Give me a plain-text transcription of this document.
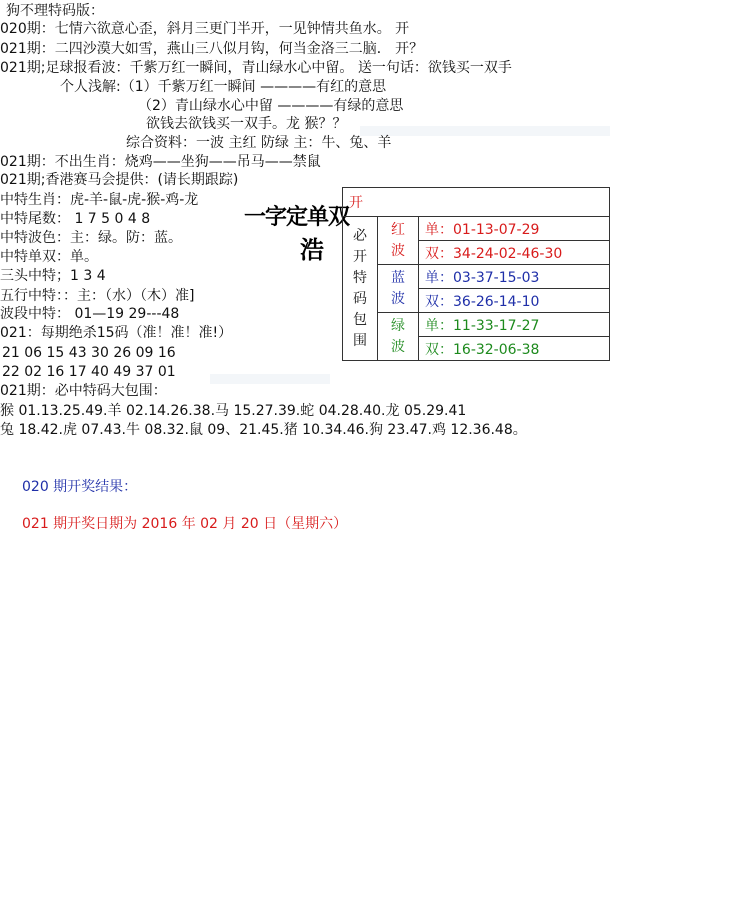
狗不理特码版：
020期：七情六欲意心歪，斜月三更门半开，一见钟情共鱼水。 开
021期：二四沙漠大如雪，燕山三八似月钩，何当金洛三二脑． 开？
021期;足球报看波：千紫万红一瞬间，青山绿水心中留。 送一句话：欲钱买一双手
个人浅解:（1）千紫万红一瞬间 ————有红的意思
（2）青山绿水心中留 ————有绿的意思
欲钱去欲钱买一双手。龙 猴？？
综合资料：一波 主红 防绿 主：牛、兔、羊
021期：不出生肖：烧鸡——坐狗——吊马——禁鼠
021期;香港赛马会提供：(请长期跟踪)
中特生肖：虎-羊-鼠-虎-猴-鸡-龙
中特尾数： 1 7 5 0 4 8
中特波色：主：绿。防：蓝。
中特单双：单。
三头中特；1 3 4
五行中特：：主：（水）（木）准]
波段中特： 01—19 29---48
021：每期绝杀15码（准！准！准!）
21 06 15 43 30 26 09 16
22 02 16 17 40 49 37 01
021期：必中特码大包围：
猴 01.13.25.49.羊 02.14.26.38.马 15.27.39.蛇 04.28.40.龙 05.29.41
兔 18.42.虎 07.43.牛 08.32.鼠 09、21.45.猪 10.34.46.狗 23.47.鸡 12.36.48。
020 期开奖结果：
021 期开奖日期为 2016 年 02 月 20 日（星期六）
一字定单双
浩
开		

必开特码包围	红波	单：01-13-07-29
		双：34-24-02-46-30

	蓝波	单：03-37-15-03
		双：36-26-14-10

	绿波	单：11-33-17-27
		双：16-32-06-38
